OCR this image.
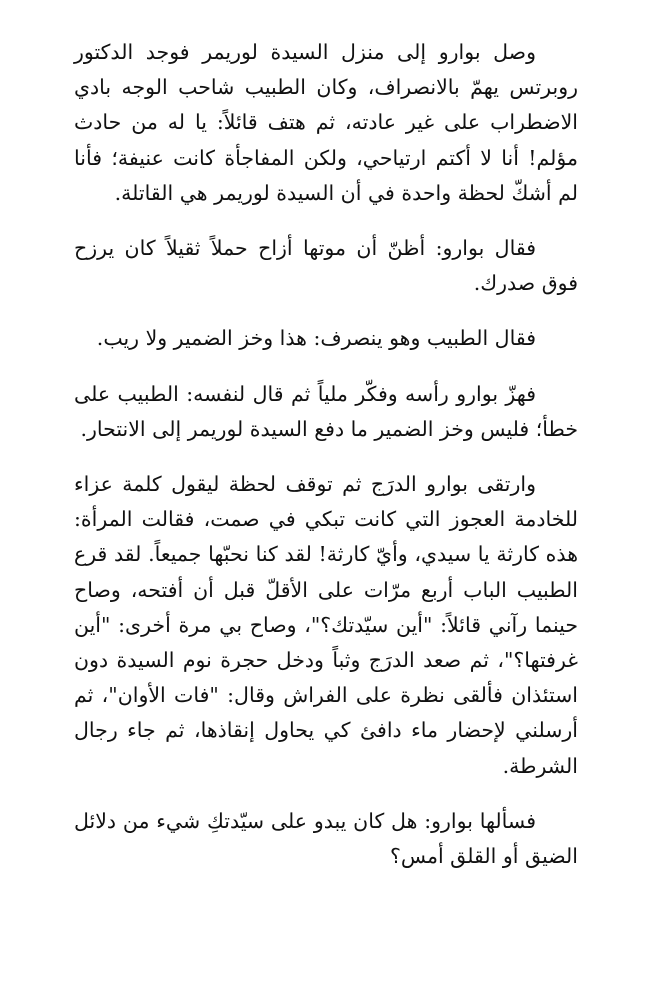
وصل بوارو إلى منزل السيدة لوريمر فوجد الدكتور روبرتس يهمّ بالانصراف، وكان الطبيب شاحب الوجه بادي الاضطراب على غير عادته، ثم هتف قائلاً: يا له من حادث مؤلم! أنا لا أكتم ارتياحي، ولكن المفاجأة كانت عنيفة؛ فأنا لم أشكّ لحظة واحدة في أن السيدة لوريمر هي القاتلة.

فقال بوارو: أظنّ أن موتها أزاح حملاً ثقيلاً كان يرزح فوق صدرك.

فقال الطبيب وهو ينصرف: هذا وخز الضمير ولا ريب.

فهزّ بوارو رأسه وفكّر ملياً ثم قال لنفسه: الطبيب على خطأ؛ فليس وخز الضمير ما دفع السيدة لوريمر إلى الانتحار.

وارتقى بوارو الدرَج ثم توقف لحظة ليقول كلمة عزاء للخادمة العجوز التي كانت تبكي في صمت، فقالت المرأة: هذه كارثة يا سيدي، وأيّ كارثة! لقد كنا نحبّها جميعاً. لقد قرع الطبيب الباب أربع مرّات على الأقلّ قبل أن أفتحه، وصاح حينما رآني قائلاً: "أين سيّدتك؟"، وصاح بي مرة أخرى: "أين غرفتها؟"، ثم صعد الدرَج وثباً ودخل حجرة نوم السيدة دون استئذان فألقى نظرة على الفراش وقال: "فات الأوان"، ثم أرسلني لإحضار ماء دافئ كي يحاول إنقاذها، ثم جاء رجال الشرطة.

فسألها بوارو: هل كان يبدو على سيّدتكِ شيء من دلائل الضيق أو القلق أمس؟
